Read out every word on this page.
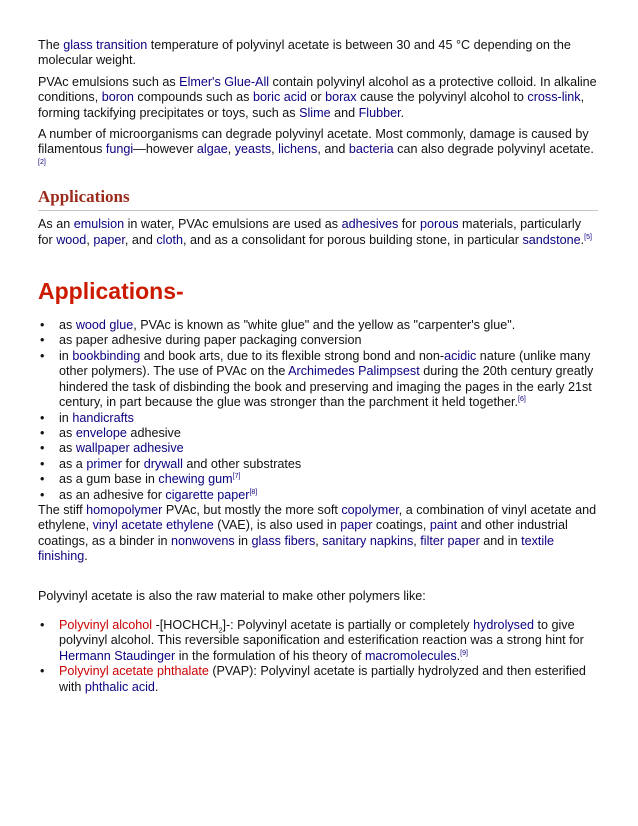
The glass transition temperature of polyvinyl acetate is between 30 and 45 °C depending on the molecular weight.

PVAc emulsions such as Elmer's Glue-All contain polyvinyl alcohol as a protective colloid. In alkaline conditions, boron compounds such as boric acid or borax cause the polyvinyl alcohol to cross-link, forming tackifying precipitates or toys, such as Slime and Flubber.

A number of microorganisms can degrade polyvinyl acetate. Most commonly, damage is caused by filamentous fungi—however algae, yeasts, lichens, and bacteria can also degrade polyvinyl acetate.[2]

Applications

As an emulsion in water, PVAc emulsions are used as adhesives for porous materials, particularly for wood, paper, and cloth, and as a consolidant for porous building stone, in particular sandstone.[5]

Applications-
• as wood glue, PVAc is known as "white glue" and the yellow as "carpenter's glue".
• as paper adhesive during paper packaging conversion
• in bookbinding and book arts, due to its flexible strong bond and non-acidic nature (unlike many other polymers). The use of PVAc on the Archimedes Palimpsest during the 20th century greatly hindered the task of disbinding the book and preserving and imaging the pages in the early 21st century, in part because the glue was stronger than the parchment it held together.[6]
• in handicrafts
• as envelope adhesive
• as wallpaper adhesive
• as a primer for drywall and other substrates
• as a gum base in chewing gum[7]
• as an adhesive for cigarette paper[8]

The stiff homopolymer PVAc, but mostly the more soft copolymer, a combination of vinyl acetate and ethylene, vinyl acetate ethylene (VAE), is also used in paper coatings, paint and other industrial coatings, as a binder in nonwovens in glass fibers, sanitary napkins, filter paper and in textile finishing.

Polyvinyl acetate is also the raw material to make other polymers like:

• Polyvinyl alcohol $-[HOCHCH_2]-$: Polyvinyl acetate is partially or completely hydrolysed to give polyvinyl alcohol. This reversible saponification and esterification reaction was a strong hint for Hermann Staudinger in the formulation of his theory of macromolecules.[9]
• Polyvinyl acetate phthalate (PVAP): Polyvinyl acetate is partially hydrolyzed and then esterified with phthalic acid.
